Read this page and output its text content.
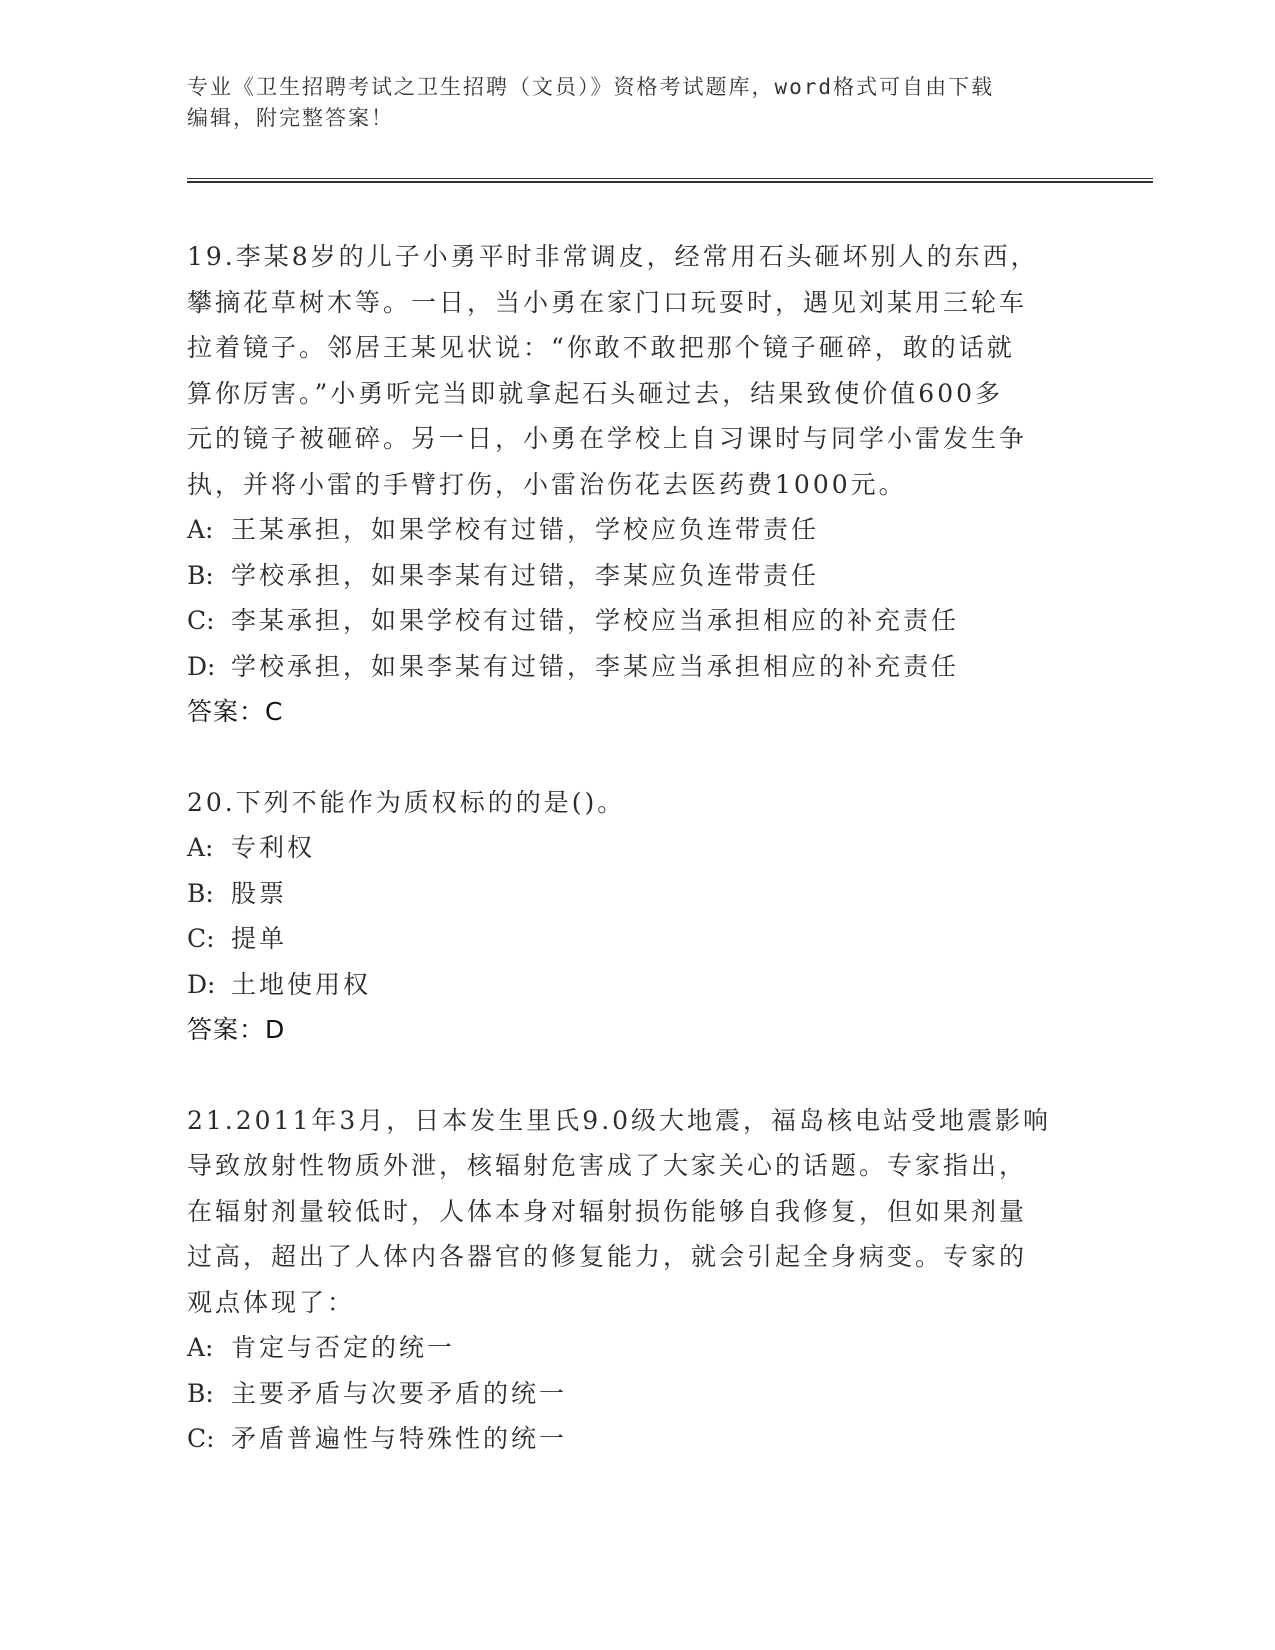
专业《卫生招聘考试之卫生招聘（文员）》资格考试题库，word格式可自由下载
编辑，附完整答案！

19.李某8岁的儿子小勇平时非常调皮，经常用石头砸坏别人的东西，

攀摘花草树木等。一日，当小勇在家门口玩耍时，遇见刘某用三轮车

拉着镜子。邻居王某见状说：“你敢不敢把那个镜子砸碎，敢的话就

算你厉害。”小勇听完当即就拿起石头砸过去，结果致使价值600多

元的镜子被砸碎。另一日，小勇在学校上自习课时与同学小雷发生争

执，并将小雷的手臂打伤，小雷治伤花去医药费1000元。

A: 王某承担，如果学校有过错，学校应负连带责任

B: 学校承担，如果李某有过错，李某应负连带责任

C: 李某承担，如果学校有过错，学校应当承担相应的补充责任

D: 学校承担，如果李某有过错，李某应当承担相应的补充责任

答案：C

20.下列不能作为质权标的的是()。

A: 专利权

B: 股票

C: 提单

D: 土地使用权

答案：D

21.2011年3月，日本发生里氏9.0级大地震，福岛核电站受地震影响

导致放射性物质外泄，核辐射危害成了大家关心的话题。专家指出，

在辐射剂量较低时，人体本身对辐射损伤能够自我修复，但如果剂量

过高，超出了人体内各器官的修复能力，就会引起全身病变。专家的

观点体现了：

A: 肯定与否定的统一

B: 主要矛盾与次要矛盾的统一

C: 矛盾普遍性与特殊性的统一
